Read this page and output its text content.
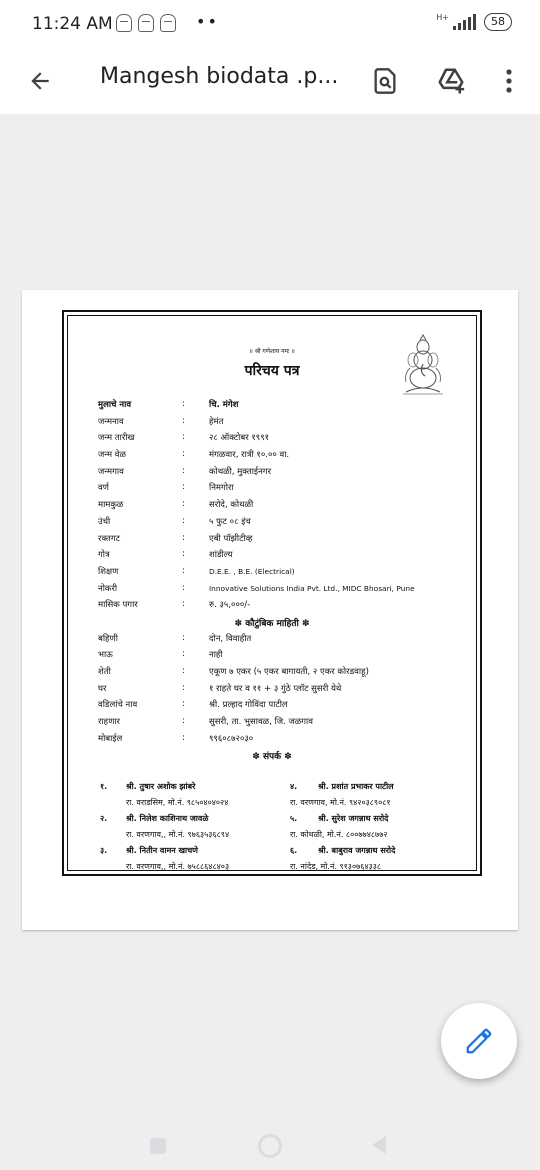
11:24 AM	••	H+	58
Mangesh biodata .p...
॥ श्री गणेशाय नमः ॥
परिचय पत्र
मुलाचे नाव	:	चि. मंगेश
जन्मनाव	:	हेमंत
जन्म तारीख	:	२८ ऑक्टोबर १९९१
जन्म वेळ	:	मंगळवार, रात्री १०.०० वा.
जन्मगाव	:	कोथळी, मुक्ताईनगर
वर्ण	:	निमगोरा
मामकुळ	:	सरोदे, कोथळी
उंची	:	५ फुट ०८ इंच
रक्तगट	:	एबी पॉझीटीव्ह
गोत्र	:	शांडील्य
शिक्षण	:	D.E.E. , B.E. (Electrical)
नोकरी	:	Innovative Solutions India Pvt. Ltd., MIDC Bhosari, Pune
मासिक पगार	:	रु. ३५,०००/-
✽ कौटुंबिक माहिती ✽
बहिणी	:	दोन, विवाहीत
भाऊ	:	नाही
शेती	:	एकूण ७ एकर (५ एकर बागायती, २ एकर कोरडवाहू)
घर	:	१ राहते घर व ११ + ३ गुंठे प्लॉट सुसरी येथे
वडिलांचे नाव	:	श्री. प्रल्हाद गोविंदा पाटील
राहणार	:	सुसरी, ता. भुसावळ, जि. जळगाव
मोबाईल	:	९९६०८७२०३०
✽ संपर्क ✽
१. श्री. तुषार अशोक झांबरे
रा. वराडसिम, मो.नं. ९८५०४०४०२४
२. श्री. निलेश काशिनाथ जावळे
रा. वरणगाव,, मो.नं. ९७६३५३६८९४
३. श्री. नितीन वामन खाचणे
रा. वरणगाव,, मो.नं. ७५८८६४८४०३
४.	श्री. प्रशांत प्रभाकर पाटील
रा. वरणगाव, मो.नं. ९४२०३८९०८१
५.	श्री. सुरेश जगन्नाथ सरोदे
रा. कोथळी, मो.नं. ८००७७४८७७२
६.	श्री. बाबुराव जगन्नाथ सरोदे
रा. नांदेड, मो.नं. ९१३०७६४३३८
